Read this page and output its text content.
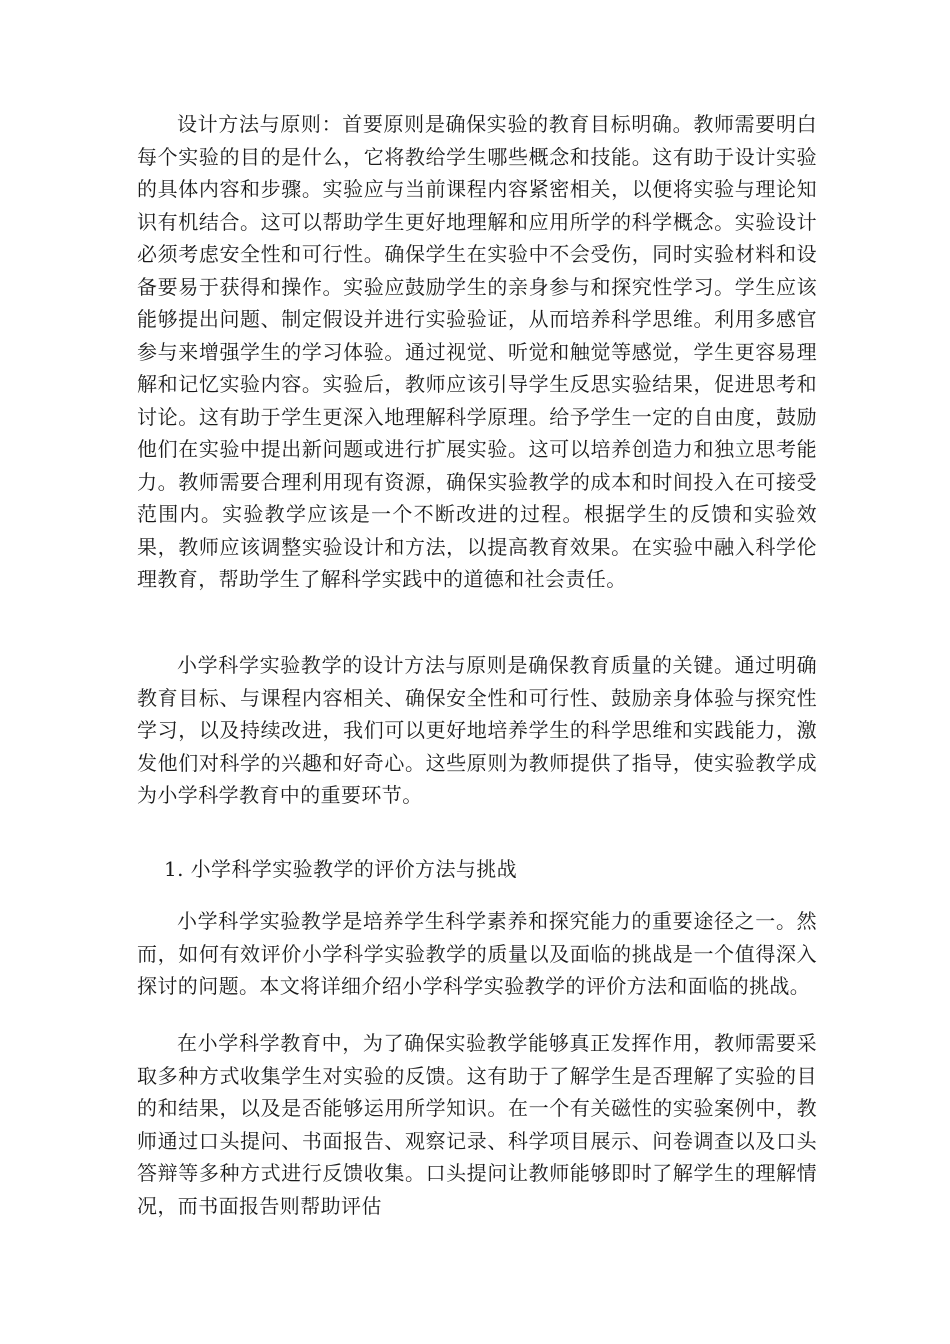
设计方法与原则：首要原则是确保实验的教育目标明确。教师需要明白每个实验的目的是什么，它将教给学生哪些概念和技能。这有助于设计实验的具体内容和步骤。实验应与当前课程内容紧密相关，以便将实验与理论知识有机结合。这可以帮助学生更好地理解和应用所学的科学概念。实验设计必须考虑安全性和可行性。确保学生在实验中不会受伤，同时实验材料和设备要易于获得和操作。实验应鼓励学生的亲身参与和探究性学习。学生应该能够提出问题、制定假设并进行实验验证，从而培养科学思维。利用多感官参与来增强学生的学习体验。通过视觉、听觉和触觉等感觉，学生更容易理解和记忆实验内容。实验后，教师应该引导学生反思实验结果，促进思考和讨论。这有助于学生更深入地理解科学原理。给予学生一定的自由度，鼓励他们在实验中提出新问题或进行扩展实验。这可以培养创造力和独立思考能力。教师需要合理利用现有资源，确保实验教学的成本和时间投入在可接受范围内。实验教学应该是一个不断改进的过程。根据学生的反馈和实验效果，教师应该调整实验设计和方法，以提高教育效果。在实验中融入科学伦理教育，帮助学生了解科学实践中的道德和社会责任。

小学科学实验教学的设计方法与原则是确保教育质量的关键。通过明确教育目标、与课程内容相关、确保安全性和可行性、鼓励亲身体验与探究性学习，以及持续改进，我们可以更好地培养学生的科学思维和实践能力，激发他们对科学的兴趣和好奇心。这些原则为教师提供了指导，使实验教学成为小学科学教育中的重要环节。

1. 小学科学实验教学的评价方法与挑战

小学科学实验教学是培养学生科学素养和探究能力的重要途径之一。然而，如何有效评价小学科学实验教学的质量以及面临的挑战是一个值得深入探讨的问题。本文将详细介绍小学科学实验教学的评价方法和面临的挑战。

在小学科学教育中，为了确保实验教学能够真正发挥作用，教师需要采取多种方式收集学生对实验的反馈。这有助于了解学生是否理解了实验的目的和结果，以及是否能够运用所学知识。在一个有关磁性的实验案例中，教师通过口头提问、书面报告、观察记录、科学项目展示、问卷调查以及口头答辩等多种方式进行反馈收集。口头提问让教师能够即时了解学生的理解情况，而书面报告则帮助评估
